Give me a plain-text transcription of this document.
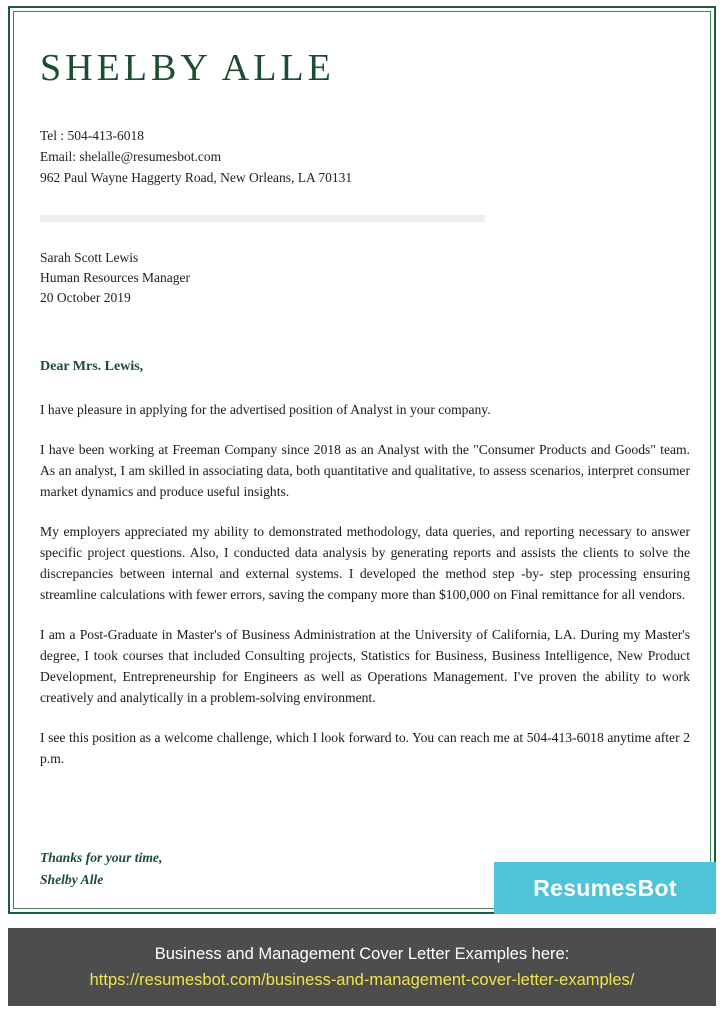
SHELBY ALLE
Tel : 504-413-6018
Email: shelalle@resumesbot.com
962 Paul Wayne Haggerty Road, New Orleans, LA 70131
Sarah Scott Lewis
Human Resources Manager
20 October 2019
Dear Mrs. Lewis,

I have pleasure in applying for the advertised position of Analyst in your company.

I have been working at Freeman Company since 2018 as an Analyst with the "Consumer Products and Goods" team. As an analyst, I am skilled in associating data, both quantitative and qualitative, to assess scenarios, interpret consumer market dynamics and produce useful insights.

My employers appreciated my ability to demonstrated methodology, data queries, and reporting necessary to answer specific project questions. Also, I conducted data analysis by generating reports and assists the clients to solve the discrepancies between internal and external systems. I developed the method step -by- step processing ensuring streamline calculations with fewer errors, saving the company more than $100,000 on Final remittance for all vendors.

I am a Post-Graduate in Master's of Business Administration at the University of California, LA. During my Master's degree, I took courses that included Consulting projects, Statistics for Business, Business Intelligence, New Product Development, Entrepreneurship for Engineers as well as Operations Management. I've proven the ability to work creatively and analytically in a problem-solving environment.

I see this position as a welcome challenge, which I look forward to. You can reach me at 504-413-6018 anytime after 2 p.m.

Thanks for your time,
Shelby Alle	ResumesBot
Business and Management Cover Letter Examples here:
https://resumesbot.com/business-and-management-cover-letter-examples/
